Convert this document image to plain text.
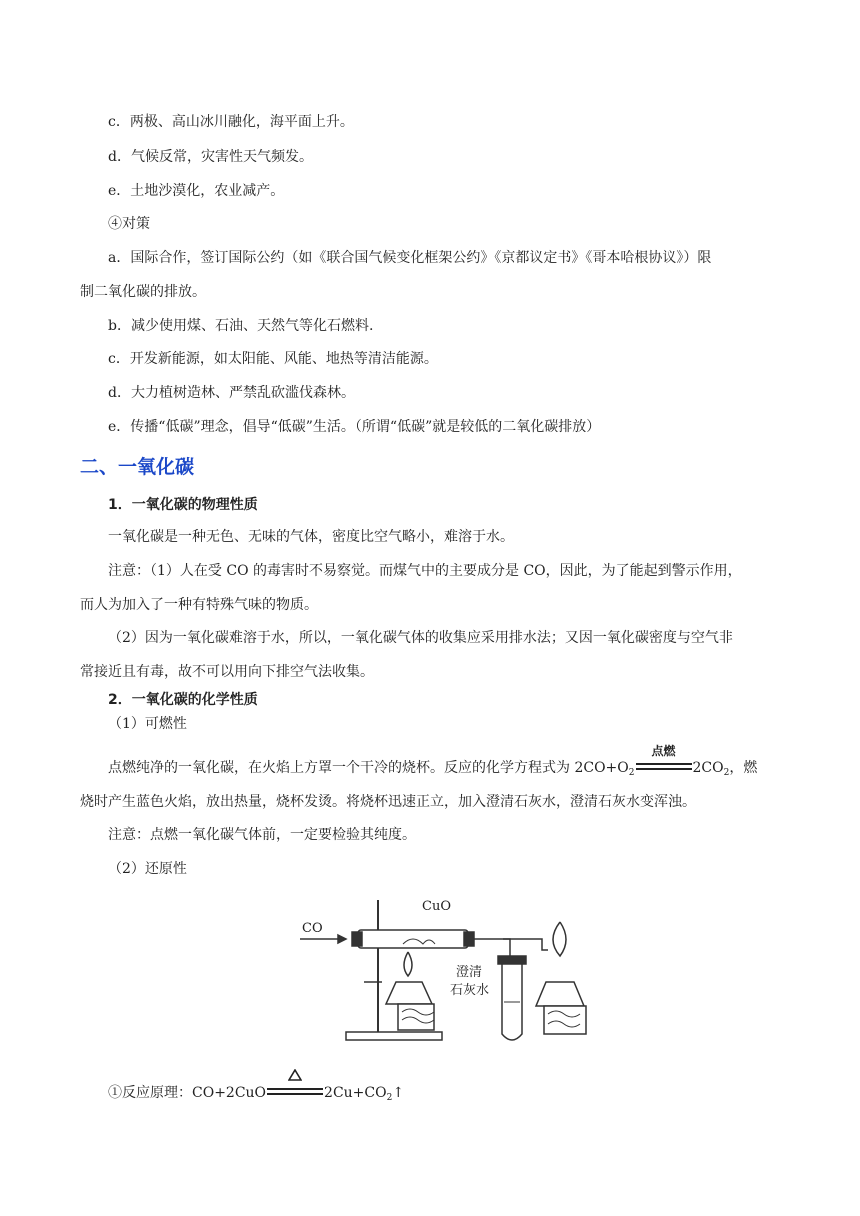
c．两极、高山冰川融化，海平面上升。
d．气候反常，灾害性天气频发。
e．土地沙漠化，农业减产。
④对策
a．国际合作，签订国际公约（如《联合国气候变化框架公约》《京都议定书》《哥本哈根协议》）限
制二氧化碳的排放。
b．减少使用煤、石油、天然气等化石燃料.
c．开发新能源，如太阳能、风能、地热等清洁能源。
d．大力植树造林、严禁乱砍滥伐森林。
e．传播“低碳”理念，倡导“低碳”生活。（所谓“低碳”就是较低的二氧化碳排放）
二、一氧化碳
1．一氧化碳的物理性质
一氧化碳是一种无色、无味的气体，密度比空气略小，难溶于水。
注意：（1）人在受 CO 的毒害时不易察觉。而煤气中的主要成分是 CO，因此，为了能起到警示作用，
而人为加入了一种有特殊气味的物质。
（2）因为一氧化碳难溶于水，所以，一氧化碳气体的收集应采用排水法；又因一氧化碳密度与空气非
常接近且有毒，故不可以用向下排空气法收集。
2．一氧化碳的化学性质
（1）可燃性
点燃纯净的一氧化碳，在火焰上方罩一个干冷的烧杯。反应的化学方程式为 $2CO+O_2$
点燃
$2CO_2$，燃
烧时产生蓝色火焰，放出热量，烧杯发烫。将烧杯迅速正立，加入澄清石灰水，澄清石灰水变浑浊。
注意：点燃一氧化碳气体前，一定要检验其纯度。
（2）还原性
CO
CuO
澄清
石灰水
①反应原理：CO+2CuO	$2Cu+CO_2↑$
